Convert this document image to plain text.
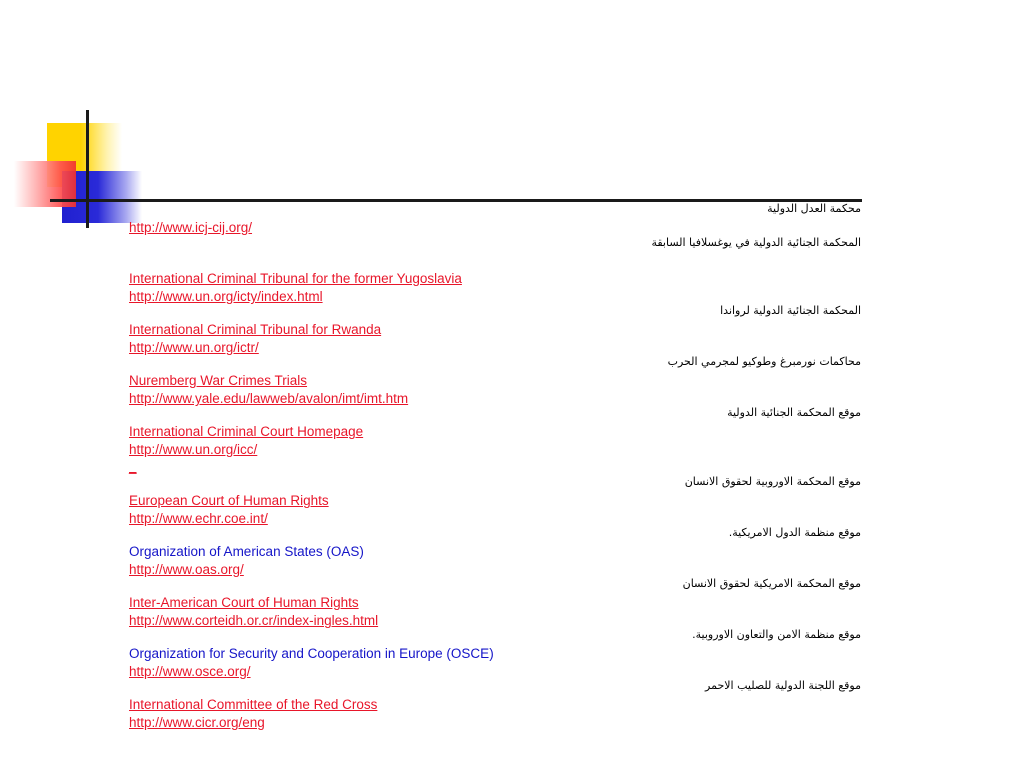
محكمة العدل الدولية
http://www.icj-cij.org/
المحكمة الجنائية الدولية في يوغسلافيا السابقة
International Criminal Tribunal for the former Yugoslavia
http://www.un.org/icty/index.html
المحكمة الجنائية الدولية لرواندا
International Criminal Tribunal for Rwanda
http://www.un.org/ictr/
محاكمات نورمبرغ وطوكيو لمجرمي الحرب
Nuremberg War Crimes Trials
http://www.yale.edu/lawweb/avalon/imt/imt.htm
موقع المحكمة الجنائية الدولية
International Criminal Court Homepage
http://www.un.org/icc/
_
موقع المحكمة الاوروبية لحقوق الانسان
European Court of Human Rights
http://www.echr.coe.int/
موقع منظمة الدول الامريكية.
Organization of American States (OAS)
http://www.oas.org/
موقع المحكمة الامريكية لحقوق الانسان
Inter-American Court of Human Rights
http://www.corteidh.or.cr/index-ingles.html
موقع منظمة الامن والتعاون الاوروبية.
Organization for Security and Cooperation in Europe (OSCE)
http://www.osce.org/
موقع اللجنة الدولية للصليب الاحمر
International Committee of the Red Cross
http://www.cicr.org/eng
